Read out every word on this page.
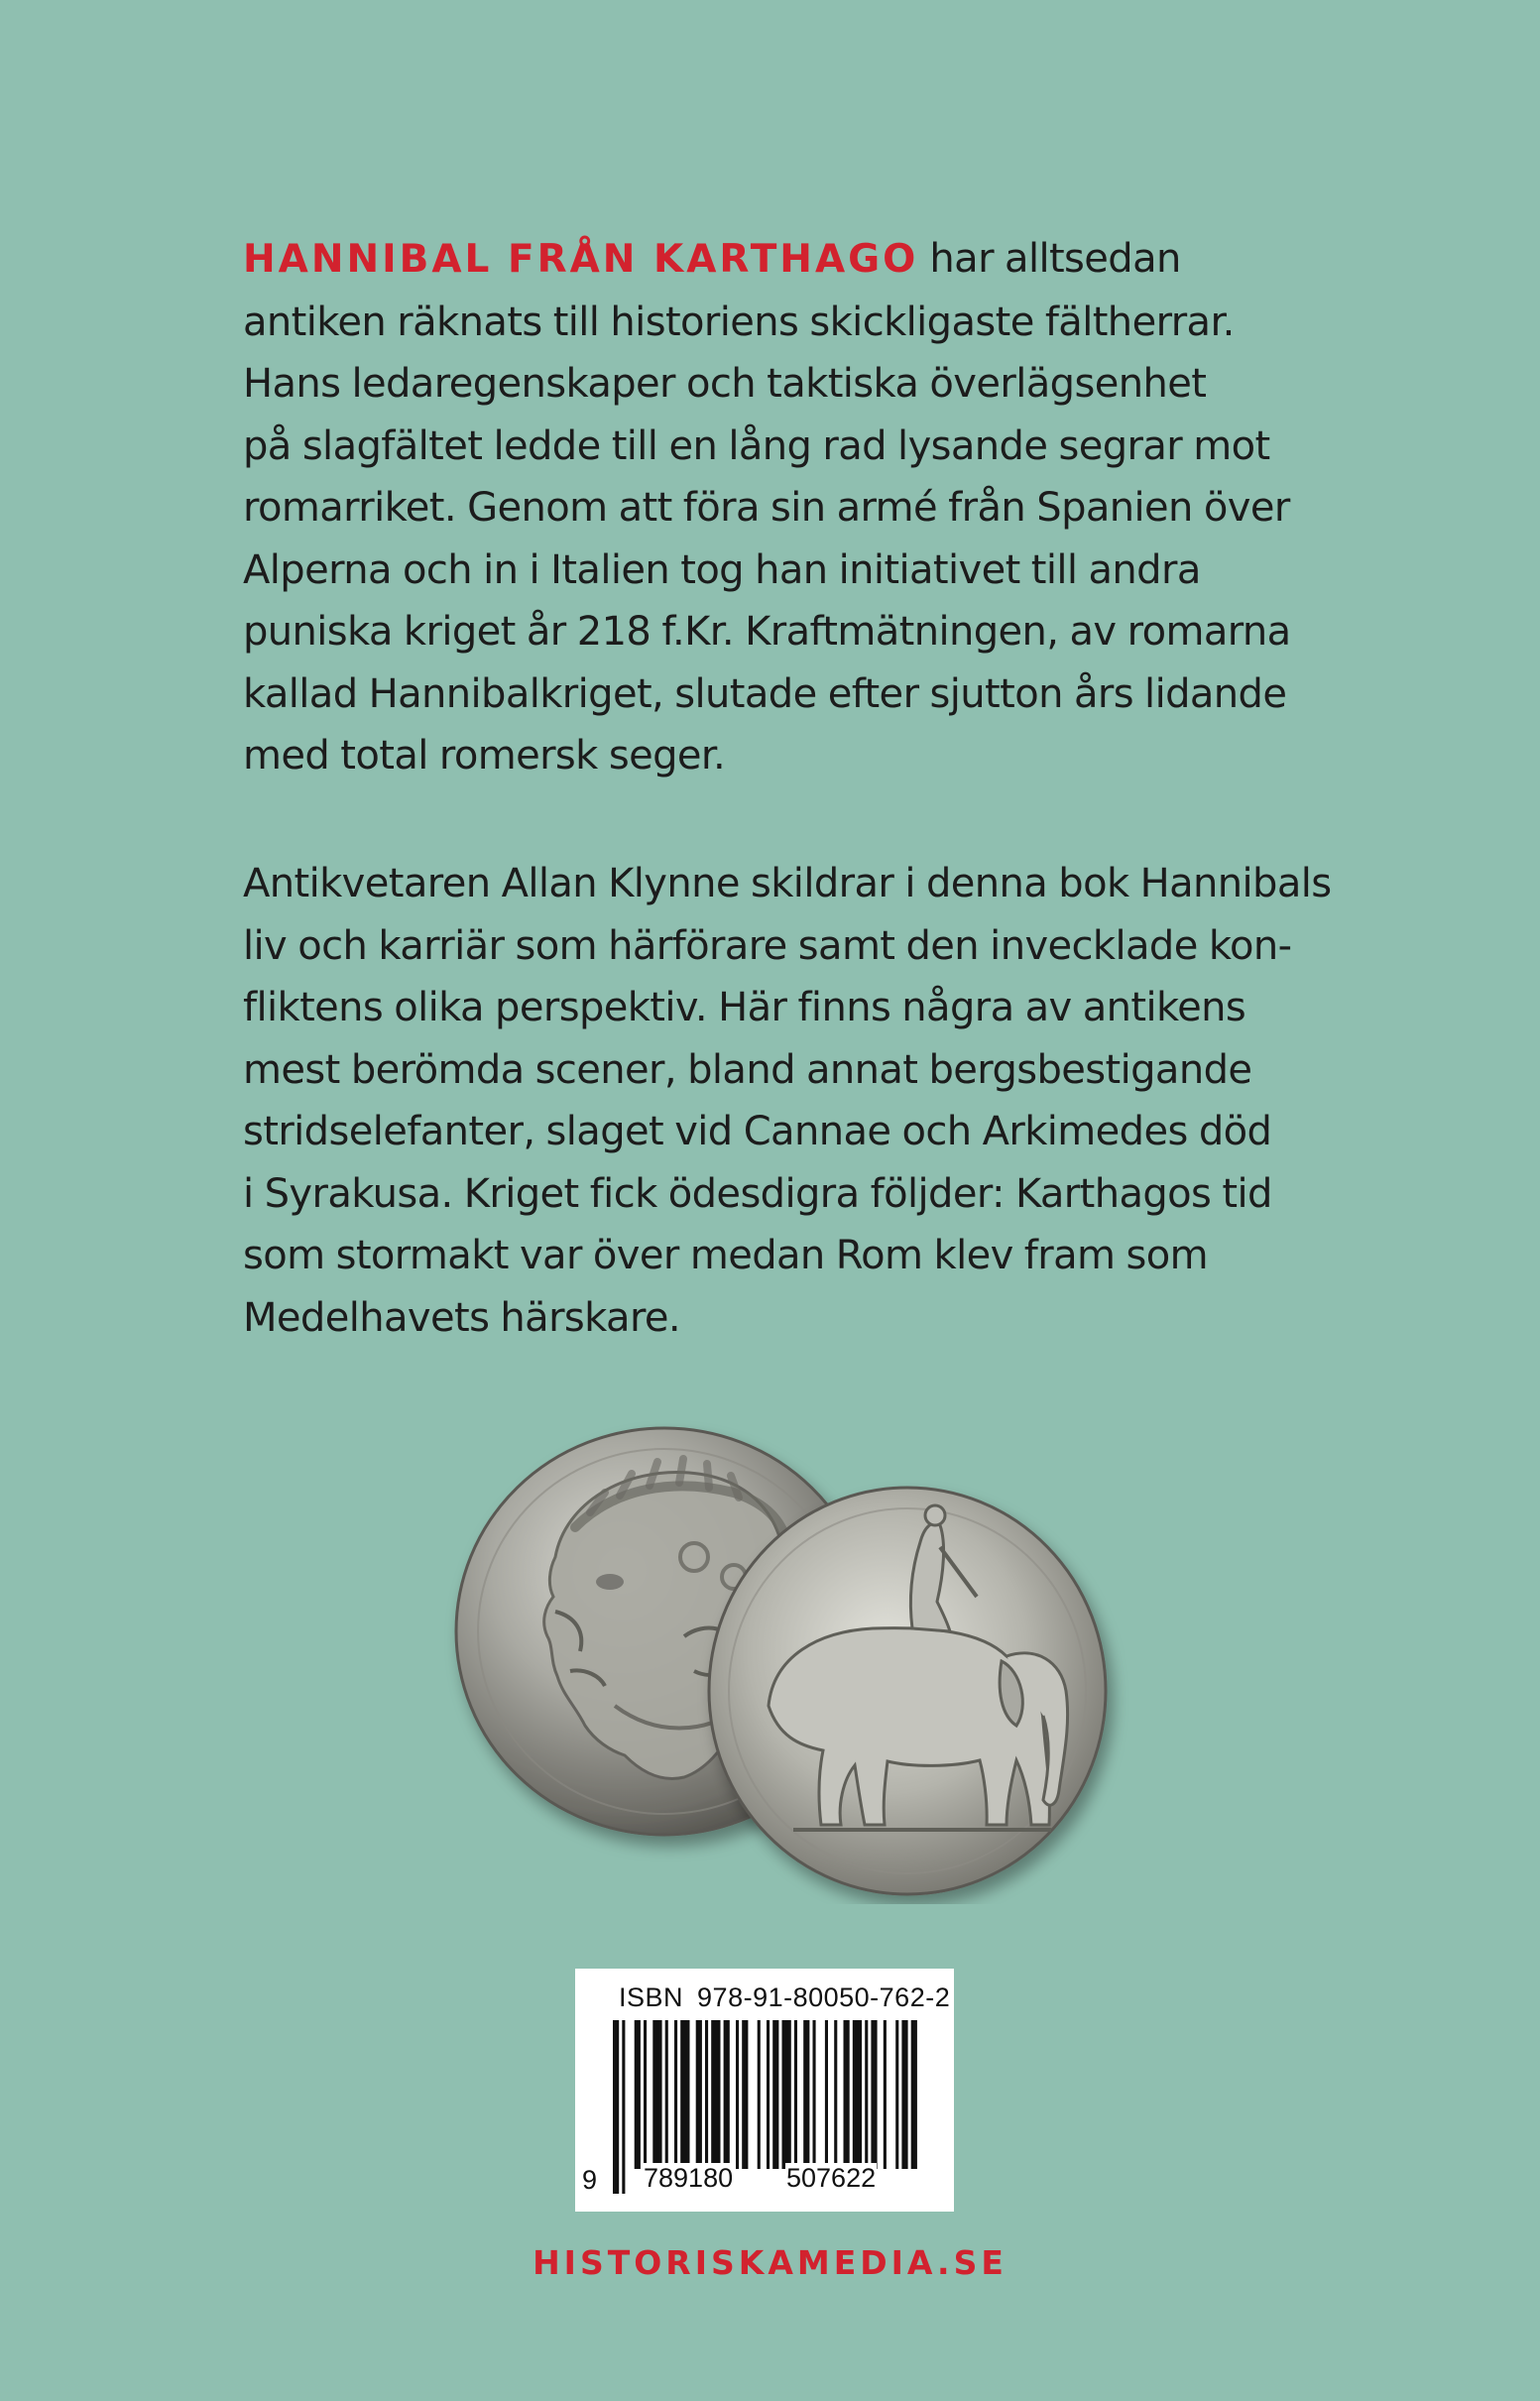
HANNIBAL FRÅN KARTHAGO har alltsedan
antiken räknats till historiens skickligaste fältherrar.
Hans ledaregenskaper och taktiska överlägsenhet
på slagfältet ledde till en lång rad lysande segrar mot
romarriket. Genom att föra sin armé från Spanien över
Alperna och in i Italien tog han initiativet till andra
puniska kriget år 218 f.Kr. Kraftmätningen, av romarna
kallad Hannibalkriget, slutade efter sjutton års lidande
med total romersk seger.
Antikvetaren Allan Klynne skildrar i denna bok Hannibals
liv och karriär som härförare samt den invecklade kon-
fliktens olika perspektiv. Här finns några av antikens
mest berömda scener, bland annat bergsbestigande
stridselefanter, slaget vid Cannae och Arkimedes död
i Syrakusa. Kriget fick ödesdigra följder: Karthagos tid
som stormakt var över medan Rom klev fram som
Medelhavets härskare.
ISBN 978-91-80050-762-2
9 789180 507622
HISTORISKAMEDIA.SE
